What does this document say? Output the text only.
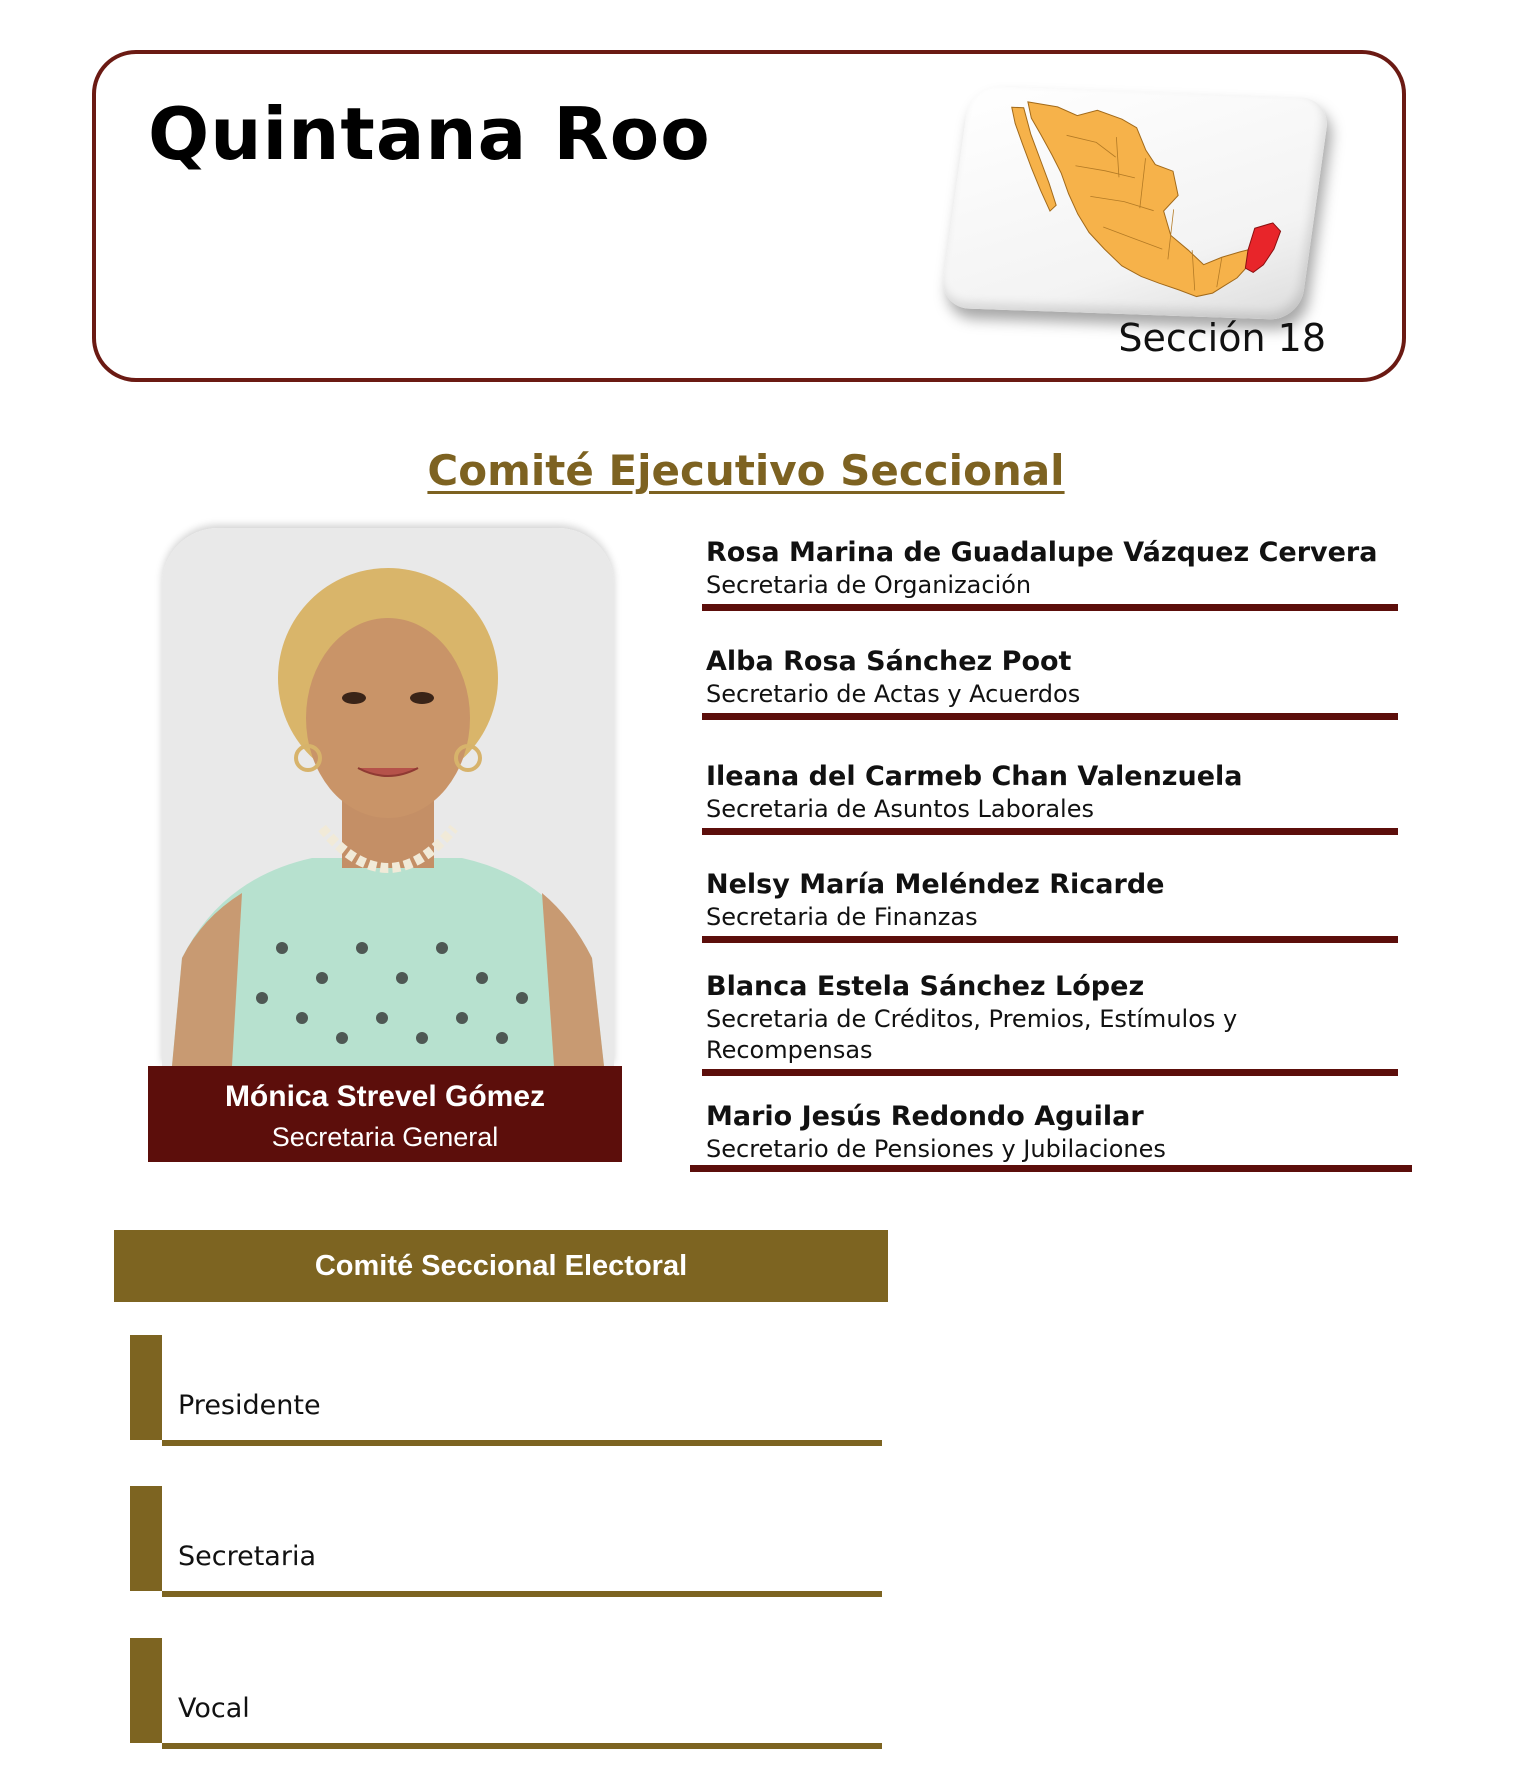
Quintana Roo

Sección 18

Comité Ejecutivo Seccional
Mónica Strevel Gómez
Secretaria General
Rosa Marina de Guadalupe Vázquez Cervera
Secretaria de Organización
Alba Rosa Sánchez Poot
Secretario de Actas y Acuerdos
Ileana del Carmeb Chan Valenzuela
Secretaria de Asuntos Laborales
Nelsy María Meléndez Ricarde
Secretaria de Finanzas
Blanca Estela Sánchez López
Secretaria de Créditos, Premios, Estímulos y Recompensas
Mario Jesús Redondo Aguilar
Secretario de Pensiones y Jubilaciones
Comité Seccional Electoral
Presidente
Secretaria
Vocal
